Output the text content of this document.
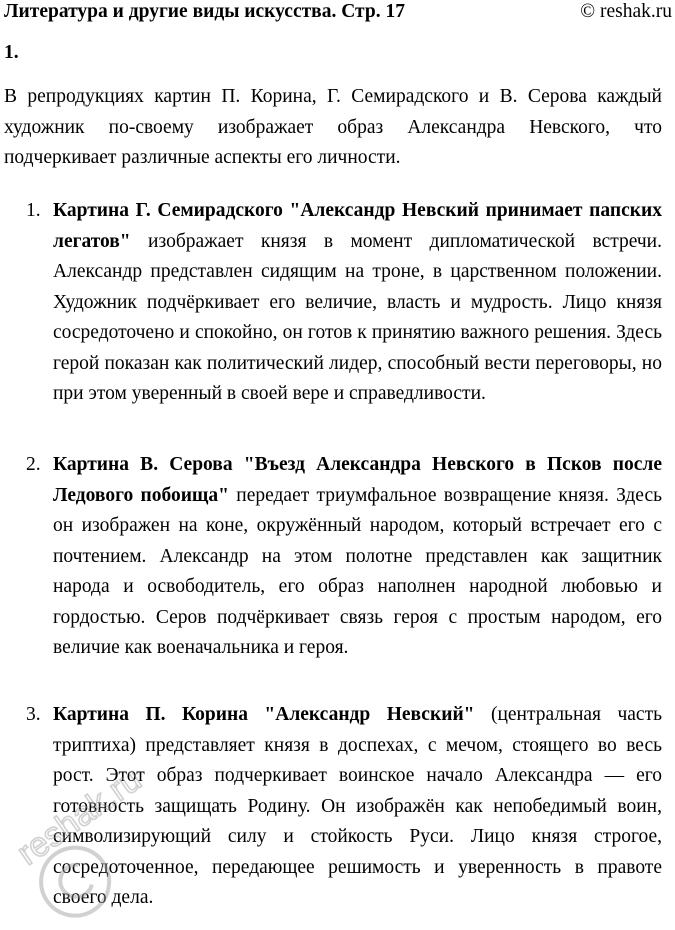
Литература и другие виды искусства. Стр. 17	© reshak.ru
1.

В репродукциях картин П. Корина, Г. Семирадского и В. Серова каждый художник по-своему изображает образ Александра Невского, что подчеркивает различные аспекты его личности.

1. Картина Г. Семирадского "Александр Невский принимает папских легатов" изображает князя в момент дипломатической встречи. Александр представлен сидящим на троне, в царственном положении. Художник подчёркивает его величие, власть и мудрость. Лицо князя сосредоточено и спокойно, он готов к принятию важного решения. Здесь герой показан как политический лидер, способный вести переговоры, но при этом уверенный в своей вере и справедливости.

2. Картина В. Серова "Въезд Александра Невского в Псков после Ледового побоища" передает триумфальное возвращение князя. Здесь он изображен на коне, окружённый народом, который встречает его с почтением. Александр на этом полотне представлен как защитник народа и освободитель, его образ наполнен народной любовью и гордостью. Серов подчёркивает связь героя с простым народом, его величие как военачальника и героя.

3. Картина П. Корина "Александр Невский" (центральная часть триптиха) представляет князя в доспехах, с мечом, стоящего во весь рост. Этот образ подчеркивает воинское начало Александра — его готовность защищать Родину. Он изображён как непобедимый воин, символизирующий силу и стойкость Руси. Лицо князя строгое, сосредоточенное, передающее решимость и уверенность в правоте своего дела.

reshak.ru
